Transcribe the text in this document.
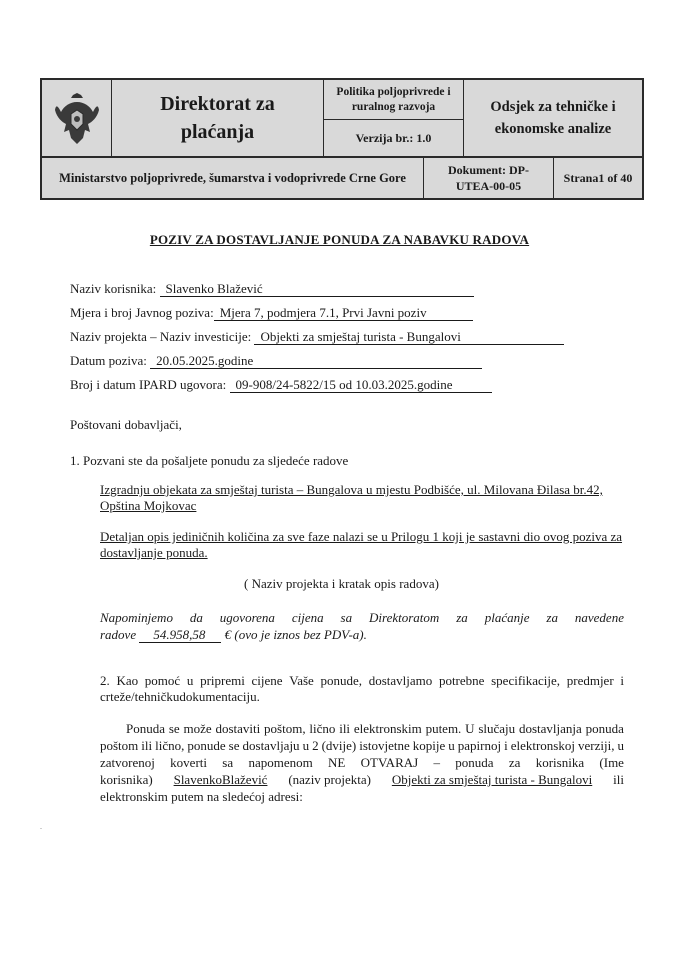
Direktorat za plaćanja
Politika poljoprivrede i ruralnog razvoja
Verzija br.: 1.0
Odsjek za tehničke i ekonomske analize
Ministarstvo poljoprivrede, šumarstva i vodoprivrede Crne Gore
Dokument: DP-UTEA-00-05
Strana1 of 40
POZIV ZA DOSTAVLJANJE PONUDA ZA NABAVKU RADOVA
Naziv korisnika: Slavenko Blažević
Mjera i broj Javnog poziva: Mjera 7, podmjera 7.1, Prvi Javni poziv
Naziv projekta – Naziv investicije: Objekti za smještaj turista - Bungalovi
Datum poziva: 20.05.2025.godine
Broj i datum IPARD ugovora: 09-908/24-5822/15 od 10.03.2025.godine
Poštovani dobavljači,
1. Pozvani ste da pošaljete ponudu za sljedeće radove
Izgradnju objekata za smještaj turista – Bungalova u mjestu Podbišće, ul. Milovana Đilasa br.42,
Opština Mojkovac
Detaljan opis jediničnih količina za sve faze nalazi se u Prilogu 1 koji je sastavni dio ovog poziva za
dostavljanje ponuda.
( Naziv projekta i kratak opis radova)
Napominjemo da ugovorena cijena sa Direktoratom za plaćanje za navedene
radove 54.958,58 € (ovo je iznos bez PDV-a).
2. Kao pomoć u pripremi cijene Vaše ponude, dostavljamo potrebne specifikacije, predmjer i
crteže/tehničkudokumentaciju.
Ponuda se može dostaviti poštom, lično ili elektronskim putem. U slučaju dostavljanja ponuda
poštom ili lično, ponude se dostavljaju u 2 (dvije) istovjetne kopije u papirnoj i elektronskoj verziji, u
zatvorenoj koverti sa napomenom NE OTVARAJ – ponuda za korisnika (Ime
korisnika) SlavenkoBlažević (naziv projekta) Objekti za smještaj turista - Bungalovi ili
elektronskim putem na sledećoj adresi:
